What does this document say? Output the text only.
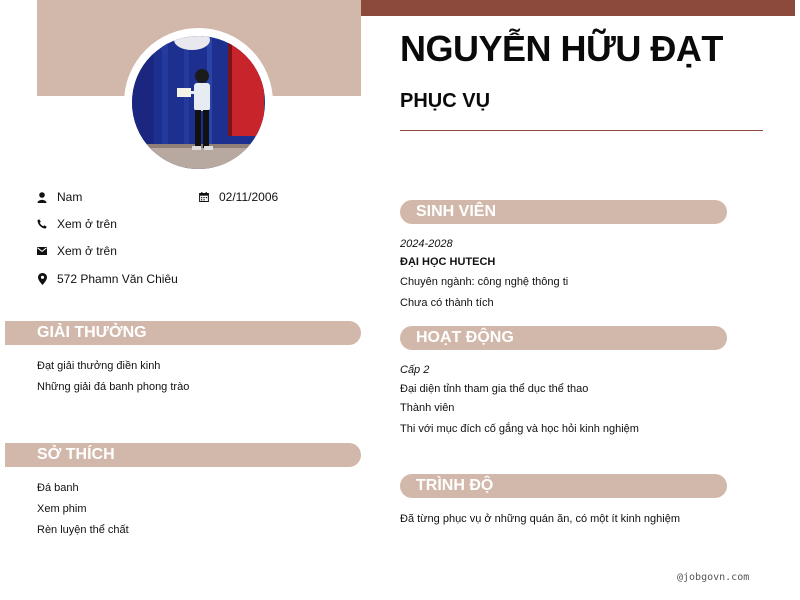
NGUYỄN HỮU ĐẠT
PHỤC VỤ
Nam	02/11/2006
Xem ở trên
Xem ở trên
572 Phamn Văn Chiêu
GIẢI THƯỞNG
Đạt giải thưởng điền kinh
Những giải đá banh phong trào
SỞ THÍCH
Đá banh
Xem phim
Rèn luyện thể chất
SINH VIÊN
2024-2028
ĐẠI HỌC HUTECH
Chuyên ngành: công nghệ thông ti
Chưa có thành tích
HOẠT ĐỘNG
Cấp 2
Đại diện tỉnh tham gia thể dục thể thao
Thành viên
Thi với mục đích cố gắng và học hỏi kinh nghiệm
TRÌNH ĐỘ
Đã từng phục vụ ở những quán ăn, có một ít kinh nghiệm
@jobgovn.com
